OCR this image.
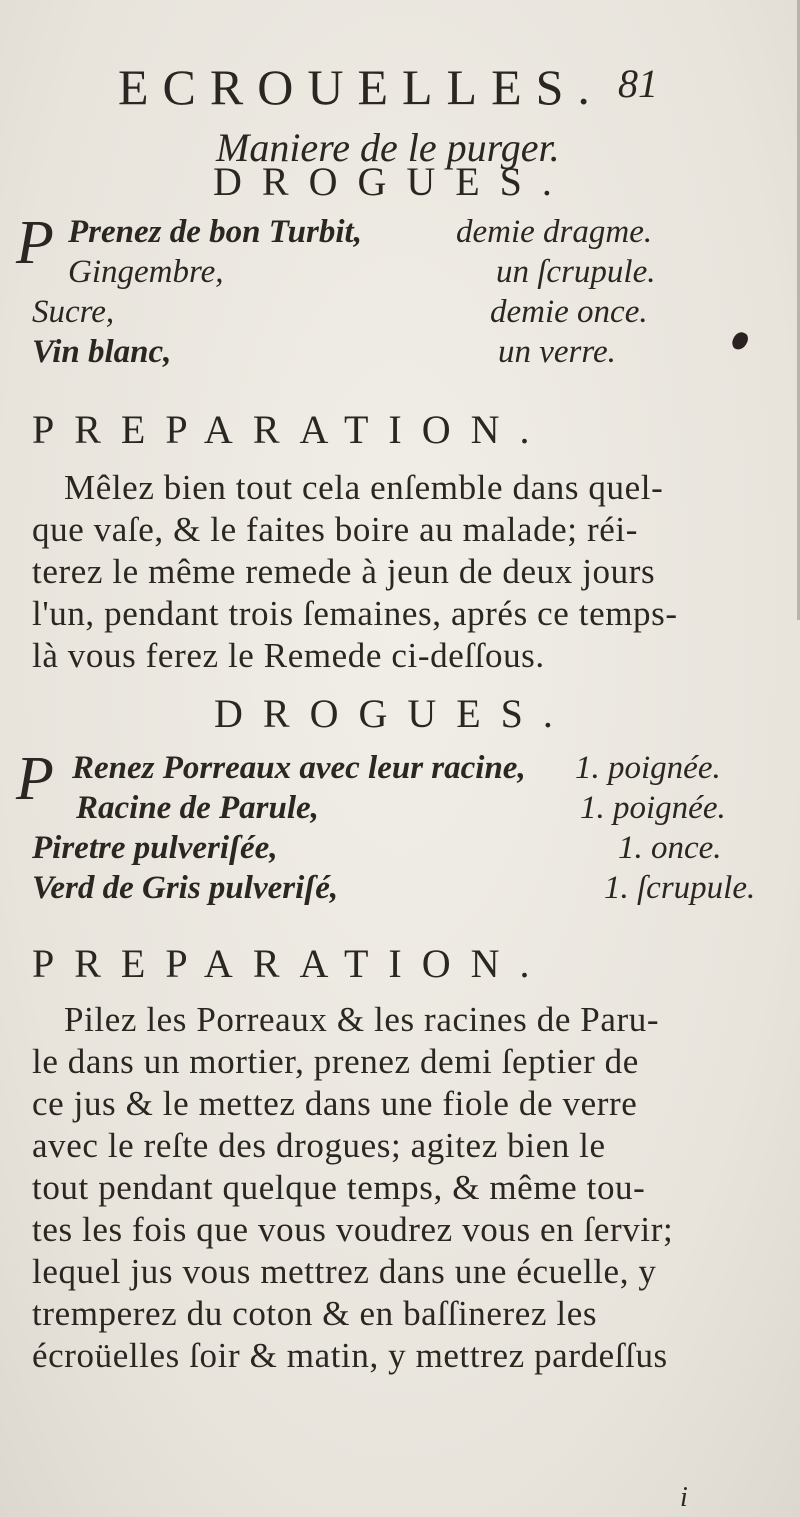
ECROUELLES. 81
Maniere de le purger.
DROGUES.
P Prenez de bon Turbit,	demie dragme.
Gingembre,	un ſcrupule.
Sucre,	demie once.
Vin blanc,	un verre.
PREPARATION.
Mêlez bien tout cela enſemble dans quel-
que vaſe, & le faites boire au malade; réi-
terez le même remede à jeun de deux jours
l'un, pendant trois ſemaines, aprés ce temps-
là vous ferez le Remede ci-deſſous.
DROGUES.
P Renez Porreaux avec leur racine, 1. poignée.
Racine de Parule,	1. poignée.
Piretre pulveriſée,	1. once.
Verd de Gris pulveriſé,	1. ſcrupule.
PREPARATION.
Pilez les Porreaux & les racines de Paru-
le dans un mortier, prenez demi ſeptier de
ce jus & le mettez dans une fiole de verre
avec le reſte des drogues; agitez bien le
tout pendant quelque temps, & même tou-
tes les fois que vous voudrez vous en ſervir;
lequel jus vous mettrez dans une écuelle, y
tremperez du coton & en baſſinerez les
écroüelles ſoir & matin, y mettrez pardeſſus
i
